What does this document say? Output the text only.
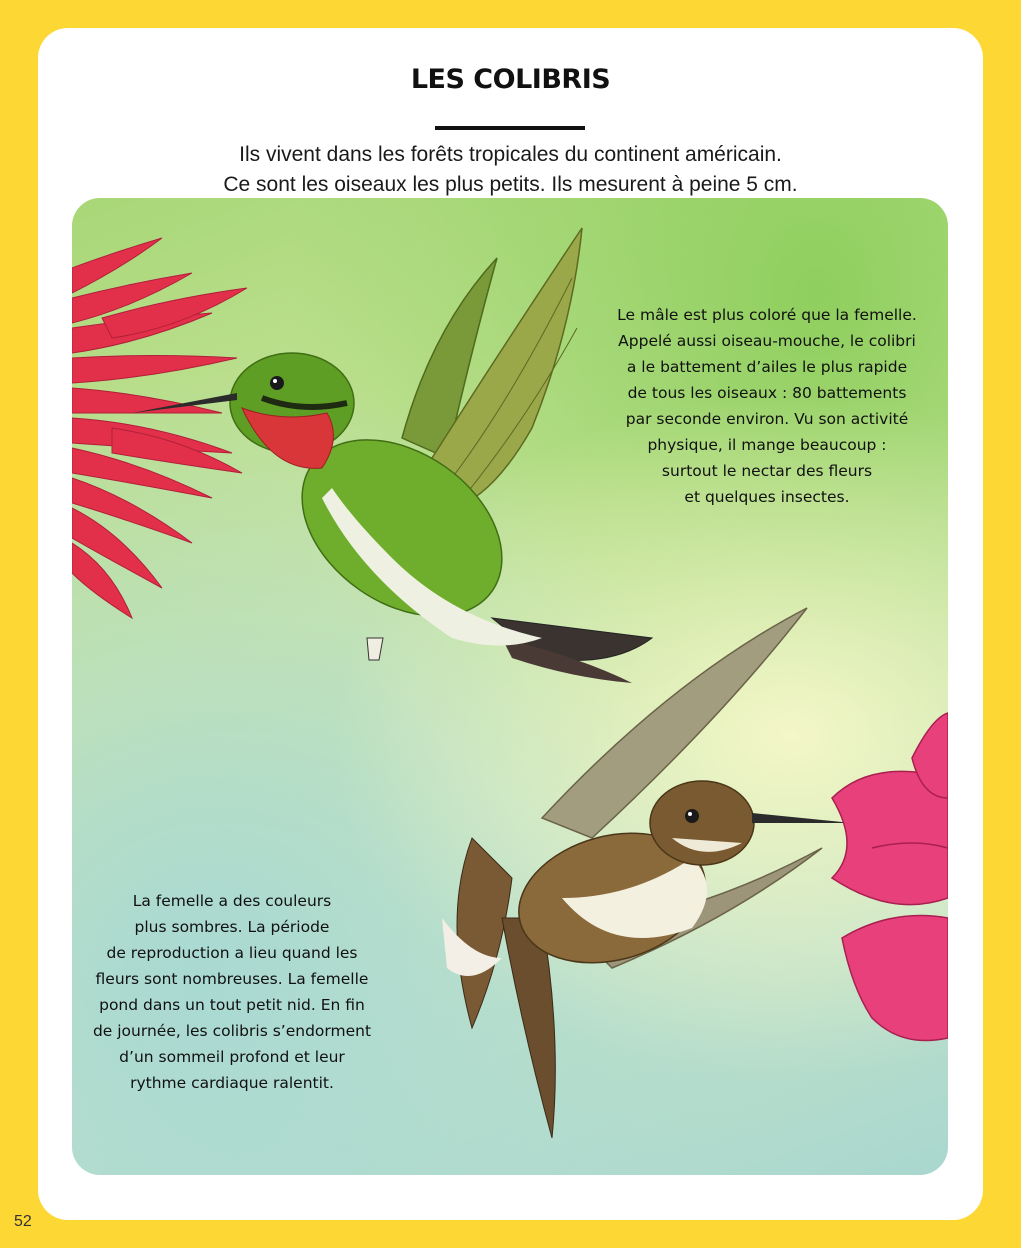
LES COLIBRIS
Ils vivent dans les forêts tropicales du continent américain.
Ce sont les oiseaux les plus petits. Ils mesurent à peine 5 cm.
Le mâle est plus coloré que la femelle.
Appelé aussi oiseau-mouche, le colibri
a le battement d’ailes le plus rapide
de tous les oiseaux : 80 battements
par seconde environ. Vu son activité
physique, il mange beaucoup :
surtout le nectar des fleurs
et quelques insectes.
La femelle a des couleurs
plus sombres. La période
de reproduction a lieu quand les
fleurs sont nombreuses. La femelle
pond dans un tout petit nid. En fin
de journée, les colibris s’endorment
d’un sommeil profond et leur
rythme cardiaque ralentit.
52
